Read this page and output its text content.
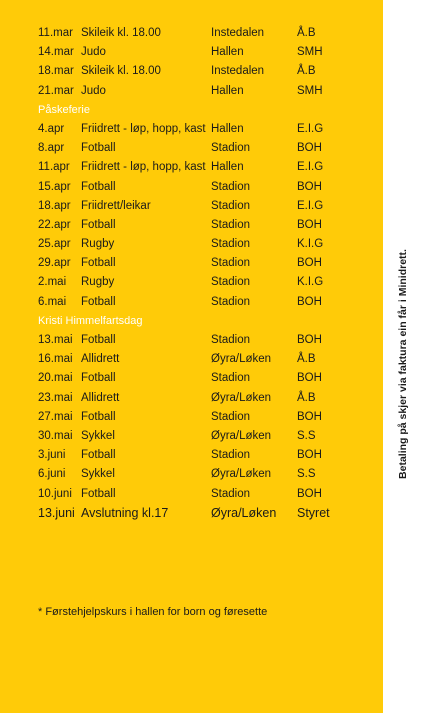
11.mar Skileik kl. 18.00	Instedalen	Å.B
14.mar Judo	Hallen	SMH
18.mar Skileik kl. 18.00	Instedalen	Å.B
21.mar Judo	Hallen	SMH
Påskeferie
4.apr Friidrett - løp, hopp, kast Hallen	E.I.G
8.apr Fotball	Stadion	BOH
11.apr Friidrett - løp, hopp, kast Hallen	E.I.G
15.apr Fotball	Stadion	BOH
18.apr Friidrett/leikar	Stadion	E.I.G
22.apr Fotball	Stadion	BOH
25.apr Rugby	Stadion	K.I.G
29.apr Fotball	Stadion	BOH
2.mai Rugby	Stadion	K.I.G
6.mai Fotball	Stadion	BOH
Kristi Himmelfartsdag
13.mai Fotball	Stadion	BOH
16.mai Allidrett	Øyra/Løken Å.B
20.mai Fotball	Stadion	BOH
23.mai Allidrett	Øyra/Løken Å.B
27.mai Fotball	Stadion	BOH
30.mai Sykkel	Øyra/Løken S.S
3.juni Fotball	Stadion	BOH
6.juni Sykkel	Øyra/Løken S.S
10.juni Fotball	Stadion	BOH
13.juni Avslutning kl.17	Øyra/Løken Styret
* Førstehjelpskurs i hallen for born og føresette
Betaling på skjer via faktura ein får i Minidrett.
